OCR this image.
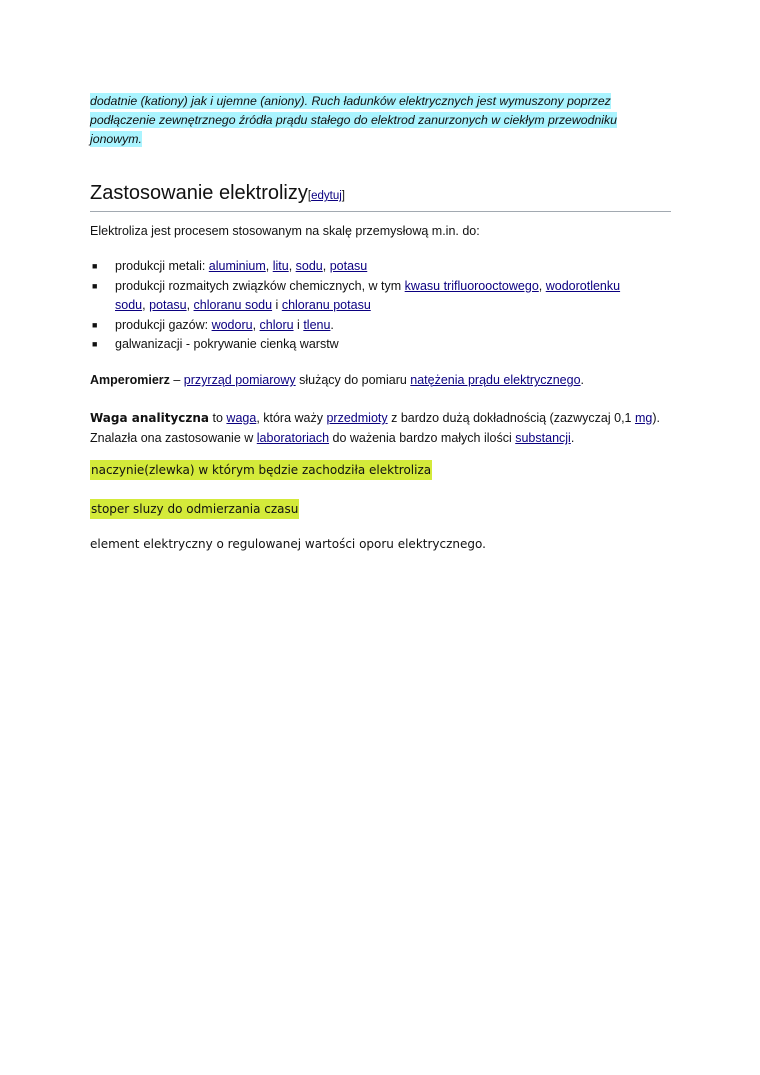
dodatnie (kationy) jak i ujemne (aniony). Ruch ładunków elektrycznych jest wymuszony poprzez
podłączenie zewnętrznego źródła prądu stałego do elektrod zanurzonych w ciekłym przewodniku
jonowym.
Zastosowanie elektrolizy[edytuj]
Elektroliza jest procesem stosowanym na skalę przemysłową m.in. do:
■ produkcji metali: aluminium, litu, sodu, potasu
■ produkcji rozmaitych związków chemicznych, w tym kwasu trifluorooctowego, wodorotlenku sodu, potasu, chloranu sodu i chloranu potasu
■ produkcji gazów: wodoru, chloru i tlenu.
■ galwanizacji - pokrywanie cienką warstw
Amperomierz – przyrząd pomiarowy służący do pomiaru natężenia prądu elektrycznego.
Waga analityczna to waga, która waży przedmioty z bardzo dużą dokładnością (zazwyczaj 0,1 mg).
Znalazła ona zastosowanie w laboratoriach do ważenia bardzo małych ilości substancji.
naczynie(zlewka) w którym będzie zachodziła elektroliza
stoper sluzy do odmierzania czasu
element elektryczny o regulowanej wartości oporu elektrycznego.
